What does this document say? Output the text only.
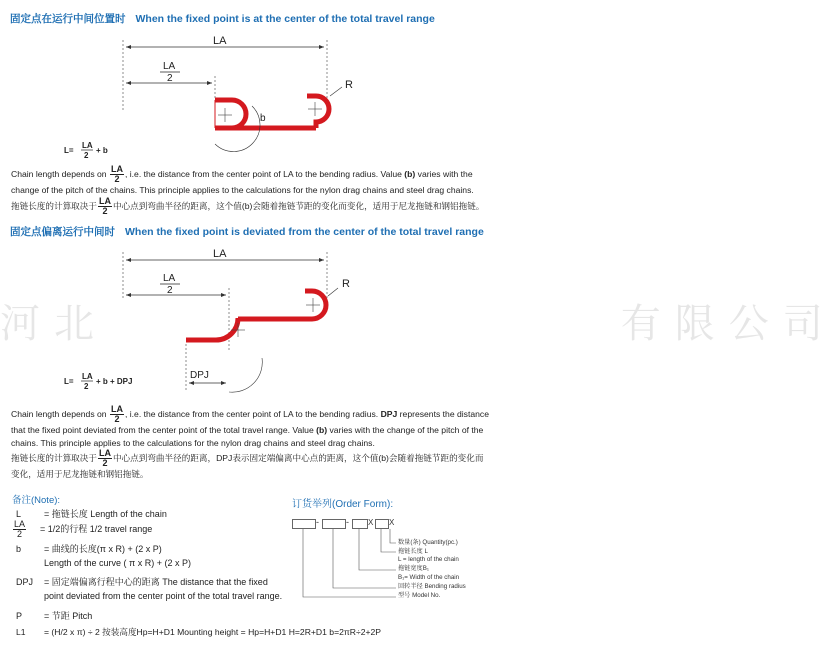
固定点在运行中间位置时 When the fixed point is at the center of the total travel range
LA
LA
2
b
R
L=
LA
2
+ b
Chain length depends on $\frac{LA}{2}$ , i.e. the distance from the center point of LA to the bending radius. Value (b) varies with the change of the pitch of the chains. This principle applies to the calculations for the nylon drag chains and steel drag chains.
拖链长度的计算取决于 $\frac{LA}{2}$ 中心点到弯曲半径的距离，这个值(b)会随着拖链节距的变化而变化，适用于尼龙拖链和钢铝拖链。
固定点偏离运行中间时 When the fixed point is deviated from the center of the total travel range
河北 　　　　　　　　　有限公司
LA
LA
2
R
DPJ
L=
LA
2
+ b + DPJ
Chain length depends on $\frac{LA}{2}$ , i.e. the distance from the center point of LA to the bending radius. DPJ represents the distance that the fixed point deviated from the center point of the total travel range. Value (b) varies with the change of the pitch of the chains. This principle applies to the calculations for the nylon drag chains and steel drag chains.
拖链长度的计算取决于 $\frac{LA}{2}$ 中心点到弯曲半径的距离，DPJ表示固定端偏离中心点的距离，这个值(b)会随着拖链节距的变化而变化，适用于尼龙拖链和钢铝拖链。
备注(Note):
L	= 拖链长度 Length of the chain
$\frac{LA}{2} = 1/2$的行程 1/2 travel range
b	= 曲线的长度(π x R) + (2 x P)
Length of the curve ( π x R) + (2 x P)
DPJ = 固定端偏离行程中心的距离 The distance that the fixed
point deviated from the center point of the total travel range.
P = 节距 Pitch
L1 = (H/2 x π) ÷ 2 按装高度Hp=H+D1 Mounting height = Hp=H+D1 H=2R+D1 b=2πR÷2+2P
订货举列(Order Form):
-	- X X
数量(条) Quantity(pc.)
拖链长度 L
L = length of the chain
拖链宽度B₁
B₁= Width of the chain
回转半径 Bending radius
型号 Model No.
